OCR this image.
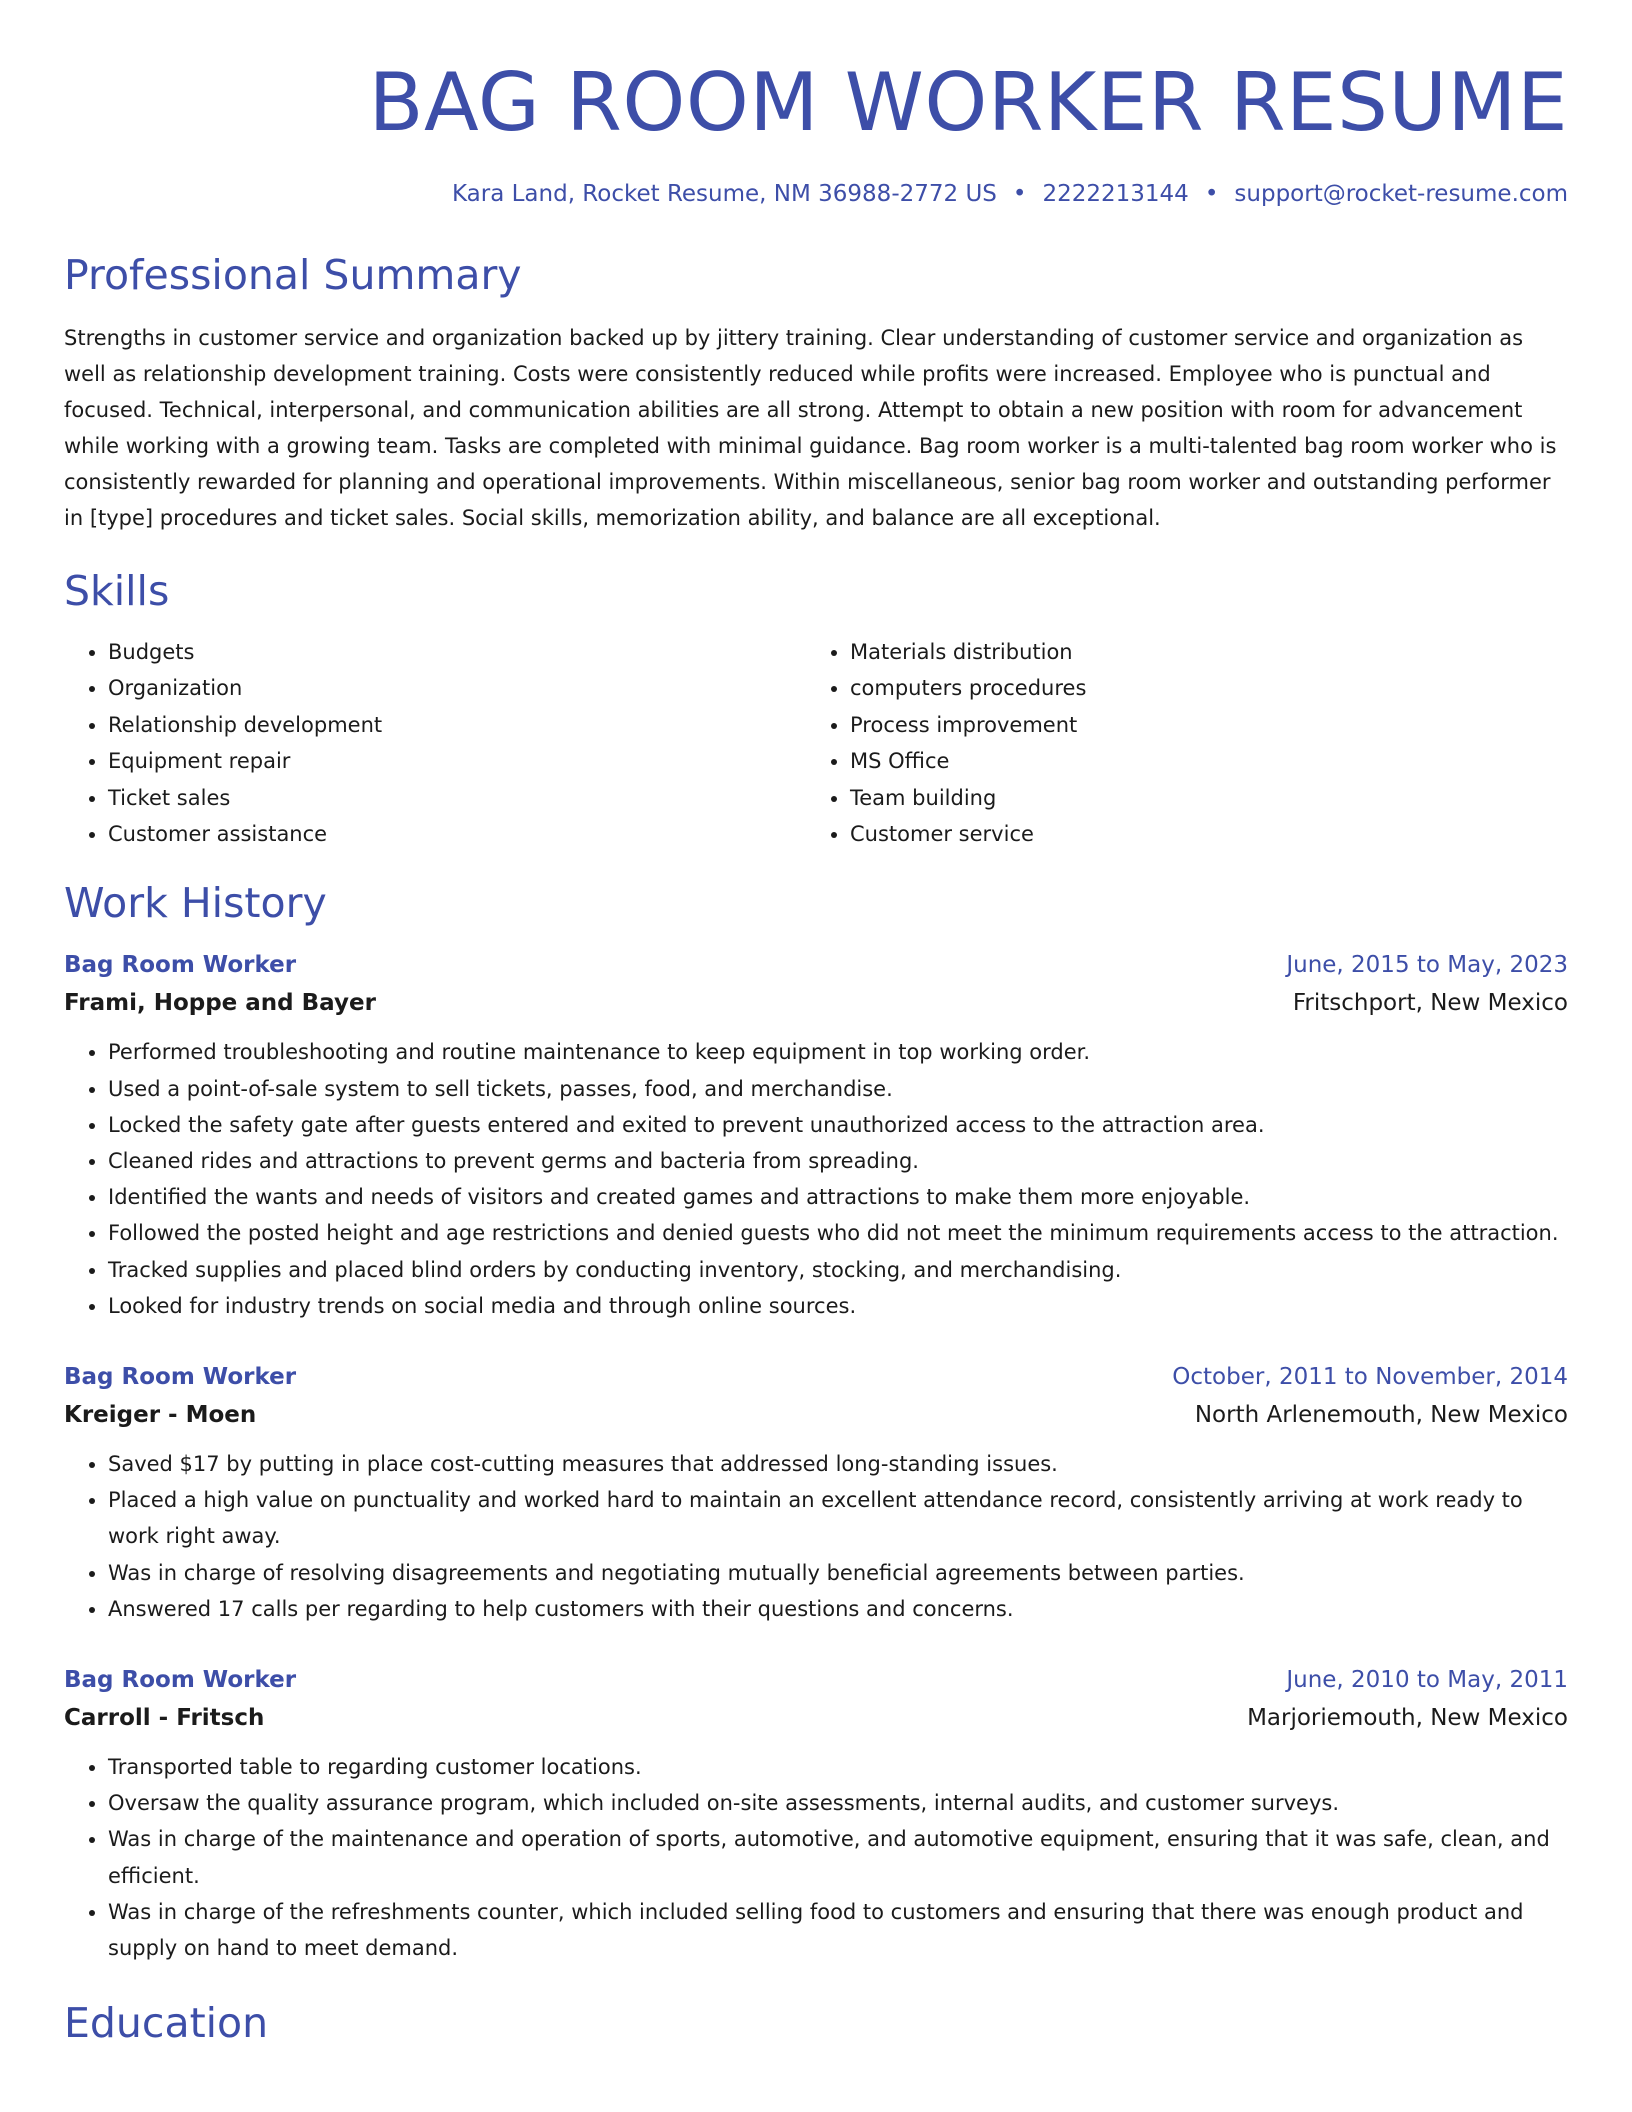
BAG ROOM WORKER RESUME
Kara Land, Rocket Resume, NM 36988-2772 US • 2222213144 • support@rocket-resume.com
Professional Summary
Strengths in customer service and organization backed up by jittery training. Clear understanding of customer service and organization as well as relationship development training. Costs were consistently reduced while profits were increased. Employee who is punctual and focused. Technical, interpersonal, and communication abilities are all strong. Attempt to obtain a new position with room for advancement while working with a growing team. Tasks are completed with minimal guidance. Bag room worker is a multi-talented bag room worker who is consistently rewarded for planning and operational improvements. Within miscellaneous, senior bag room worker and outstanding performer in [type] procedures and ticket sales. Social skills, memorization ability, and balance are all exceptional.
Skills
• Budgets
• Organization
• Relationship development
• Equipment repair
• Ticket sales
• Customer assistance
• Materials distribution
• computers procedures
• Process improvement
• MS Office
• Team building
• Customer service
Work History
Bag Room Worker	June, 2015 to May, 2023
Frami, Hoppe and Bayer	Fritschport, New Mexico
• Performed troubleshooting and routine maintenance to keep equipment in top working order.
• Used a point-of-sale system to sell tickets, passes, food, and merchandise.
• Locked the safety gate after guests entered and exited to prevent unauthorized access to the attraction area.
• Cleaned rides and attractions to prevent germs and bacteria from spreading.
• Identified the wants and needs of visitors and created games and attractions to make them more enjoyable.
• Followed the posted height and age restrictions and denied guests who did not meet the minimum requirements access to the attraction.
• Tracked supplies and placed blind orders by conducting inventory, stocking, and merchandising.
• Looked for industry trends on social media and through online sources.
Bag Room Worker	October, 2011 to November, 2014
Kreiger - Moen	North Arlenemouth, New Mexico
• Saved $17 by putting in place cost-cutting measures that addressed long-standing issues.
• Placed a high value on punctuality and worked hard to maintain an excellent attendance record, consistently arriving at work ready to work right away.
• Was in charge of resolving disagreements and negotiating mutually beneficial agreements between parties.
• Answered 17 calls per regarding to help customers with their questions and concerns.
Bag Room Worker	June, 2010 to May, 2011
Carroll - Fritsch	Marjoriemouth, New Mexico
• Transported table to regarding customer locations.
• Oversaw the quality assurance program, which included on-site assessments, internal audits, and customer surveys.
• Was in charge of the maintenance and operation of sports, automotive, and automotive equipment, ensuring that it was safe, clean, and efficient.
• Was in charge of the refreshments counter, which included selling food to customers and ensuring that there was enough product and supply on hand to meet demand.
Education
